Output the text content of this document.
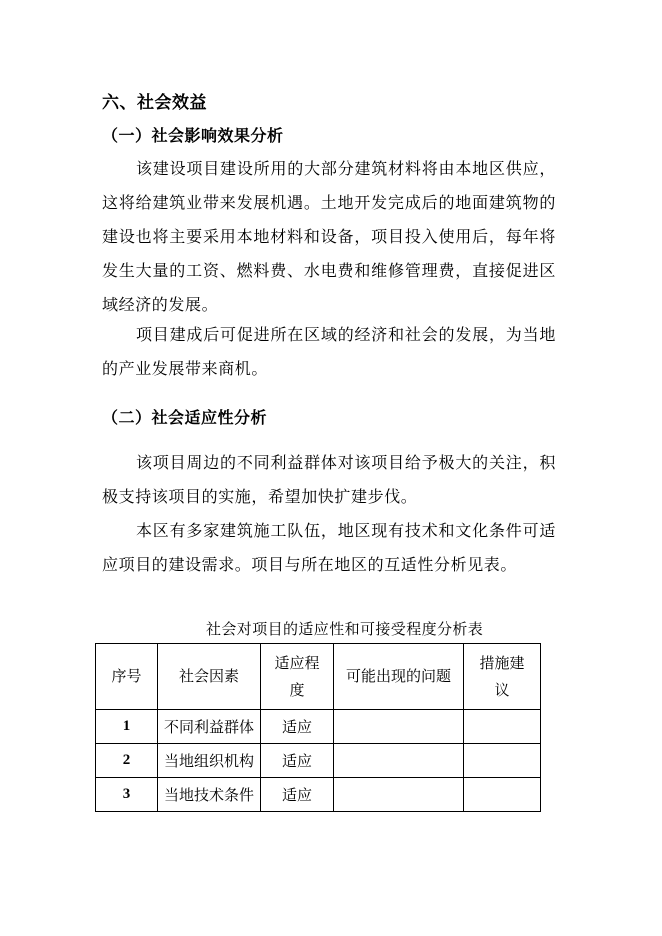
六、社会效益
（一）社会影响效果分析

该建设项目建设所用的大部分建筑材料将由本地区供应，这将给建筑业带来发展机遇。土地开发完成后的地面建筑物的建设也将主要采用本地材料和设备，项目投入使用后，每年将发生大量的工资、燃料费、水电费和维修管理费，直接促进区域经济的发展。

项目建成后可促进所在区域的经济和社会的发展，为当地的产业发展带来商机。

（二）社会适应性分析

该项目周边的不同利益群体对该项目给予极大的关注，积极支持该项目的实施，希望加快扩建步伐。

本区有多家建筑施工队伍，地区现有技术和文化条件可适应项目的建设需求。项目与所在地区的互适性分析见表。

社会对项目的适应性和可接受程度分析表
序号	社会因素	适应程度	可能出现的问题	措施建议

1	不同利益群体	适应		
2	当地组织机构	适应		
3	当地技术条件	适应		
